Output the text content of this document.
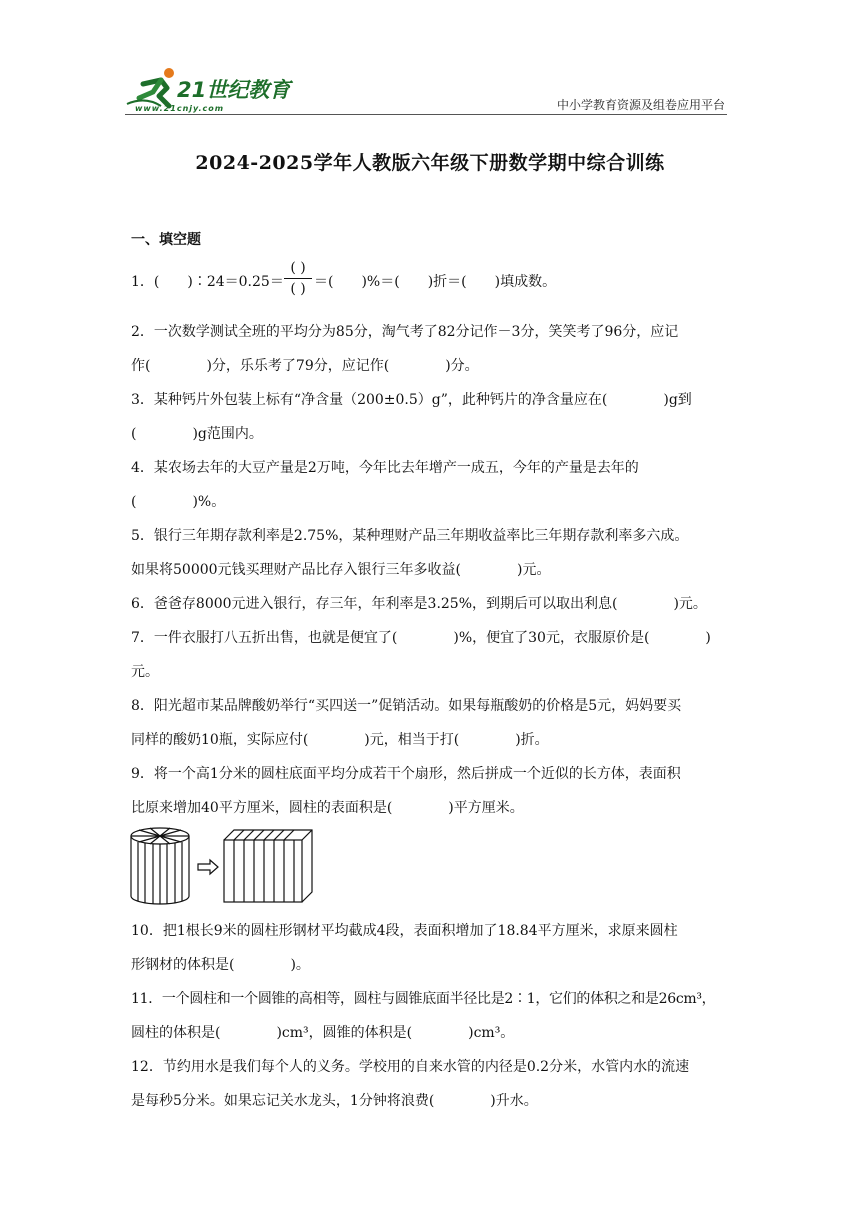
21世纪教育
www.21cnjy.com	中小学教育资源及组卷应用平台
2024-2025学年人教版六年级下册数学期中综合训练
一、填空题
1．(　　)∶24＝0.25＝
( )
( ) ＝(　　)%＝(　　)折＝(　　)填成数。
2．一次数学测试全班的平均分为85分，淘气考了82分记作－3分，笑笑考了96分，应记
作(　　　　)分，乐乐考了79分，应记作(　　　　)分。
3．某种钙片外包装上标有“净含量（200±0.5）g”，此种钙片的净含量应在(　　　　)g到
(　　　　)g范围内。
4．某农场去年的大豆产量是2万吨，今年比去年增产一成五，今年的产量是去年的
(　　　　)%。
5．银行三年期存款利率是2.75%，某种理财产品三年期收益率比三年期存款利率多六成。
如果将50000元钱买理财产品比存入银行三年多收益(　　　　)元。
6．爸爸存8000元进入银行，存三年，年利率是3.25%，到期后可以取出利息(　　　　)元。
7．一件衣服打八五折出售，也就是便宜了(　　　　)%，便宜了30元，衣服原价是(　　　　)
元。
8．阳光超市某品牌酸奶举行“买四送一”促销活动。如果每瓶酸奶的价格是5元，妈妈要买
同样的酸奶10瓶，实际应付(　　　　)元，相当于打(　　　　)折。
9．将一个高1分米的圆柱底面平均分成若干个扇形，然后拼成一个近似的长方体，表面积
比原来增加40平方厘米，圆柱的表面积是(　　　　)平方厘米。
10．把1根长9米的圆柱形钢材平均截成4段，表面积增加了18.84平方厘米，求原来圆柱
形钢材的体积是(　　　　)。
11．一个圆柱和一个圆锥的高相等，圆柱与圆锥底面半径比是2∶1，它们的体积之和是26cm³，
圆柱的体积是(　　　　)cm³，圆锥的体积是(　　　　)cm³。
12．节约用水是我们每个人的义务。学校用的自来水管的内径是0.2分米，水管内水的流速
是每秒5分米。如果忘记关水龙头，1分钟将浪费(　　　　)升水。
